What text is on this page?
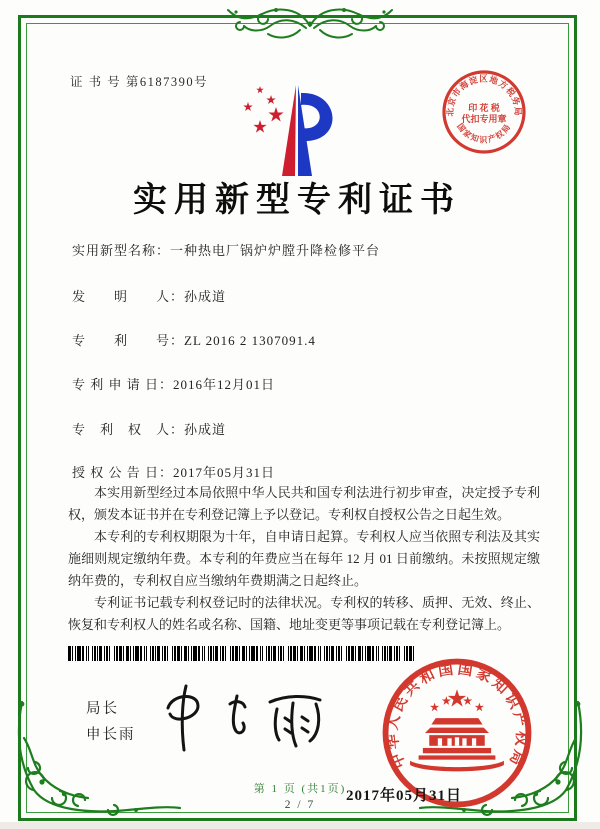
证 书 号 第6187390号
北京市海淀区地方税务局
国家知识产权局
印 花 税
代扣专用章
实用新型专利证书
实用新型名称：一种热电厂锅炉炉膛升降检修平台
发　　明　　人：孙成道
专　　利　　号：ZL 2016 2 1307091.4
专 利 申 请 日：2016年12月01日
专　利　权　人：孙成道
授 权 公 告 日：2017年05月31日

本实用新型经过本局依照中华人民共和国专利法进行初步审查，决定授予专利权，颁发本证书并在专利登记簿上予以登记。专利权自授权公告之日起生效。

本专利的专利权期限为十年，自申请日起算。专利权人应当依照专利法及其实施细则规定缴纳年费。本专利的年费应当在每年 12 月 01 日前缴纳。未按照规定缴纳年费的，专利权自应当缴纳年费期满之日起终止。

专利证书记载专利权登记时的法律状况。专利权的转移、质押、无效、终止、恢复和专利权人的姓名或名称、国籍、地址变更等事项记载在专利登记簿上。

局长
申长雨
中华人民共和国国家知识产权局
2017年05月31日
第 1 页 (共1页)
2 / 7
